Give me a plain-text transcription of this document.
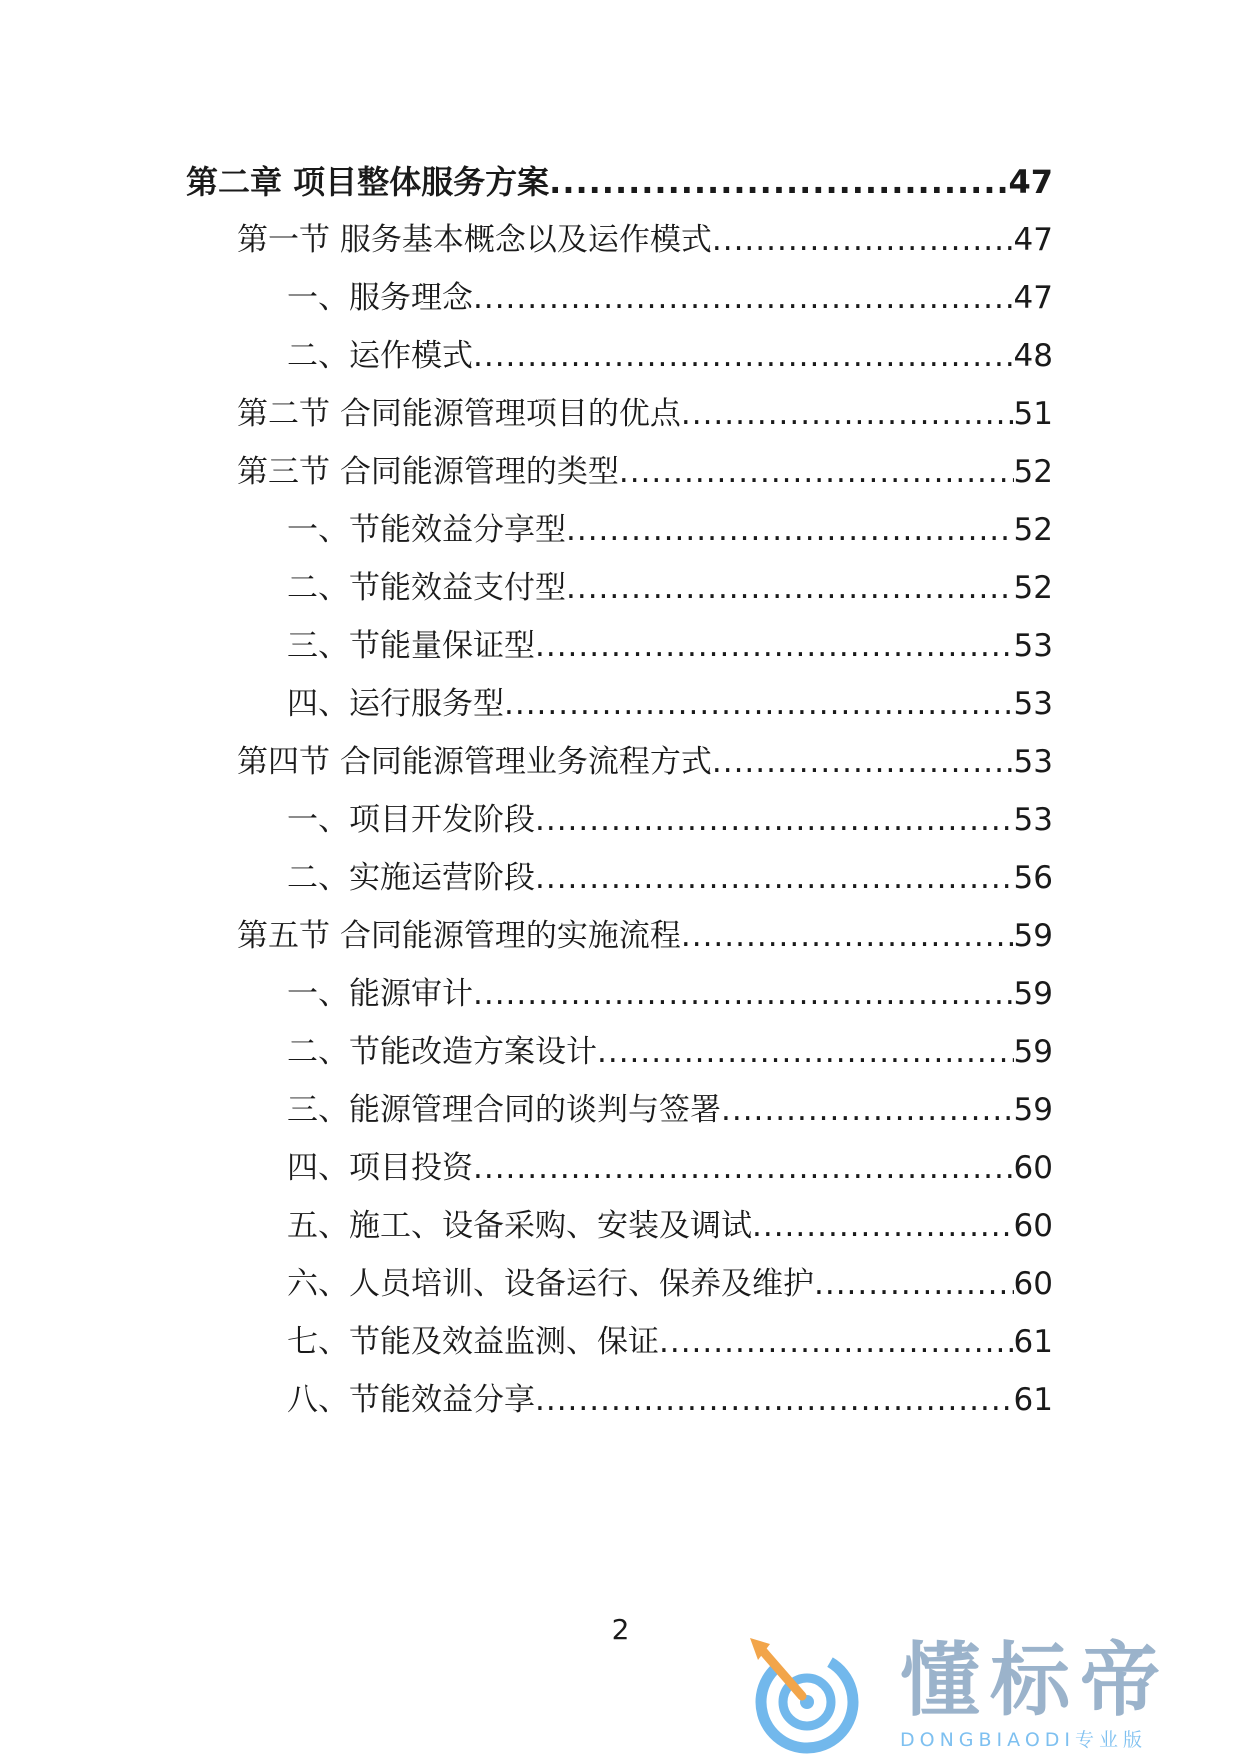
第二章 项目整体服务方案 .....	47
第一节 服务基本概念以及运作模式 .....	47
一、服务理念 .....	47
二、运作模式 .....	48
第二节 合同能源管理项目的优点 .....	51
第三节 合同能源管理的类型 .....	52
一、节能效益分享型 .....	52
二、节能效益支付型 .....	52
三、节能量保证型 .....	53
四、运行服务型 .....	53
第四节 合同能源管理业务流程方式 .....	53
一、项目开发阶段 .....	53
二、实施运营阶段 .....	56
第五节 合同能源管理的实施流程 .....	59
一、能源审计 .....	59
二、节能改造方案设计 .....	59
三、能源管理合同的谈判与签署 .....	59
四、项目投资 .....	60
五、施工、设备采购、安装及调试 .....	60
六、人员培训、设备运行、保养及维护 .....	60
七、节能及效益监测、保证 .....	61
八、节能效益分享 .....	61
2
懂标帝
DONGBIAODI专业版
